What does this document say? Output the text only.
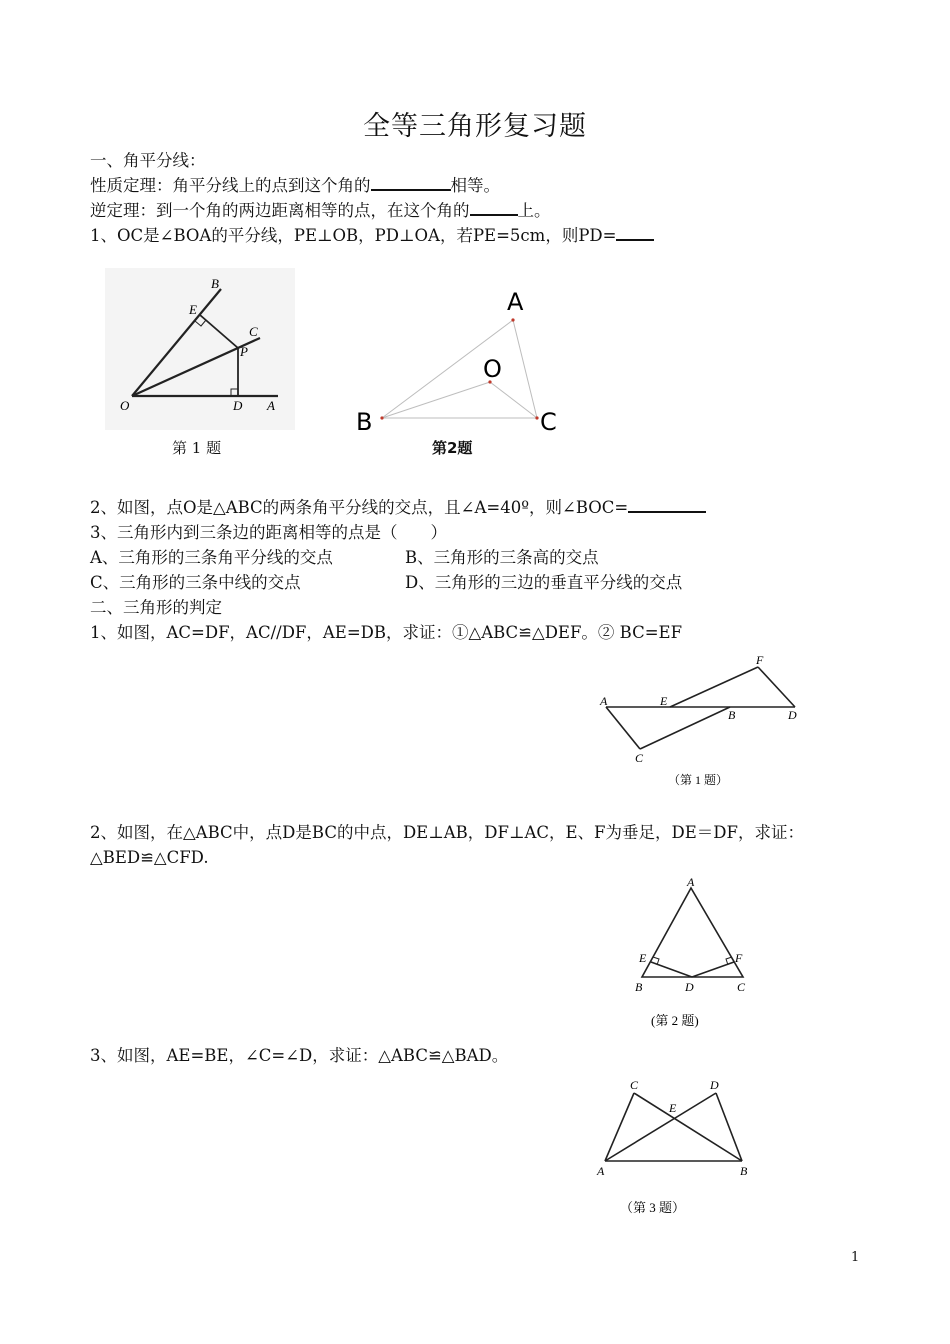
全等三角形复习题
一、角平分线：
性质定理：角平分线上的点到这个角的	相等。
逆定理：到一个角的两边距离相等的点，在这个角的	上。
1、OC是∠BOA的平分线，PE⊥OB，PD⊥OA，若PE=5cm，则PD=
B
E
C
P
O	D A
第 1 题
A
O
B	C
第2题
2、如图，点O是△ABC的两条角平分线的交点，且∠A=40º，则∠BOC=
3、三角形内到三条边的距离相等的点是（　　）
A、三角形的三条角平分线的交点	B、三角形的三条高的交点
C、三角形的三条中线的交点	D、三角形的三边的垂直平分线的交点
二、三角形的判定
1、如图，AC=DF，AC//DF，AE=DB，求证：①△ABC≌△DEF。② BC=EF
A	E
B	D
F
C
（第 1 题）
2、如图，在△ABC中，点D是BC的中点，DE⊥AB，DF⊥AC，E、F为垂足，DE＝DF，求证：
△BED≌△CFD.
A
E	F
B	D	C
(第 2 题)
3、如图，AE=BE，∠C=∠D，求证：△ABC≌△BAD。
C	D
E
A	B
（第 3 题）
1
